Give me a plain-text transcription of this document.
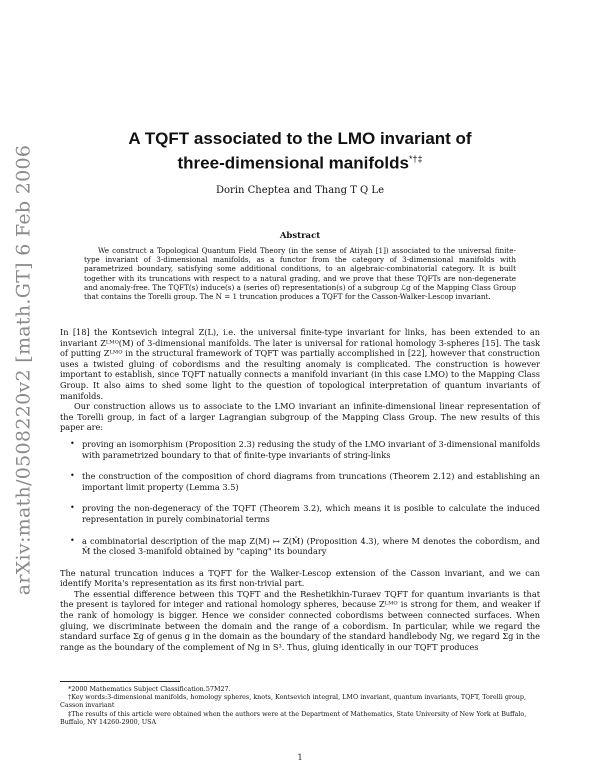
arXiv:math/0508220v2 [math.GT] 6 Feb 2006
A TQFT associated to the LMO invariant of
three-dimensional manifolds*†‡
Dorin Cheptea and Thang T Q Le
Abstract
We construct a Topological Quantum Field Theory (in the sense of Atiyah [1]) associated to the universal finite-type invariant of 3-dimensional manifolds, as a functor from the category of 3-dimensional manifolds with parametrized boundary, satisfying some additional conditions, to an algebraic-combinatorial category. It is built together with its truncations with respect to a natural grading, and we prove that these TQFTs are non-degenerate and anomaly-free. The TQFT(s) induce(s) a (series of) representation(s) of a subgroup ℒg of the Mapping Class Group that contains the Torelli group. The N = 1 truncation produces a TQFT for the Casson-Walker-Lescop invariant.

In [18] the Kontsevich integral Z(L), i.e. the universal finite-type invariant for links, has been extended to an invariant Zᴸᴹᴼ(M) of 3-dimensional manifolds. The later is universal for rational homology 3-spheres [15]. The task of putting Zᴸᴹᴼ in the structural framework of TQFT was partially accomplished in [22], however that construction uses a twisted gluing of cobordisms and the resulting anomaly is complicated. The construction is however important to establish, since TQFT natually connects a manifold invariant (in this case LMO) to the Mapping Class Group. It also aims to shed some light to the question of topological interpretation of quantum invariants of manifolds.

Our construction allows us to associate to the LMO invariant an infinite-dimensional linear representation of the Torelli group, in fact of a larger Lagrangian subgroup of the Mapping Class Group. The new results of this paper are:

• proving an isomorphism (Proposition 2.3) redusing the study of the LMO invariant of 3-dimensional manifolds with parametrized boundary to that of finite-type invariants of string-links
• the construction of the composition of chord diagrams from truncations (Theorem 2.12) and establishing an important limit property (Lemma 3.5)
• proving the non-degeneracy of the TQFT (Theorem 3.2), which means it is posible to calculate the induced representation in purely combinatorial terms
• a combinatorial description of the map Z(M) ↦ Z(M̂) (Proposition 4.3), where M denotes the cobordism, and M̂ the closed 3-manifold obtained by "caping" its boundary

The natural truncation induces a TQFT for the Walker-Lescop extension of the Casson invariant, and we can identify Morita's representation as its first non-trivial part.

The essential difference between this TQFT and the Reshetikhin-Turaev TQFT for quantum invariants is that the present is taylored for integer and rational homology spheres, because Zᴸᴹᴼ is strong for them, and weaker if the rank of homology is bigger. Hence we consider connected cobordisms between connected surfaces. When gluing, we discriminate between the domain and the range of a cobordism. In particular, while we regard the standard surface Σg of genus g in the domain as the boundary of the standard handlebody Ng, we regard Σg in the range as the boundary of the complement of Ng in S³. Thus, gluing identically in our TQFT produces

*2000 Mathematics Subject Classification.57M27.

†Key words:3-dimensional manifolds, homology spheres, knots, Kontsevich integral, LMO invariant, quantum invariants, TQFT, Torelli group, Casson invariant

‡The results of this article were obtained when the authors were at the Department of Mathematics, State University of New York at Buffalo, Buffalo, NY 14260-2900, USA

1
